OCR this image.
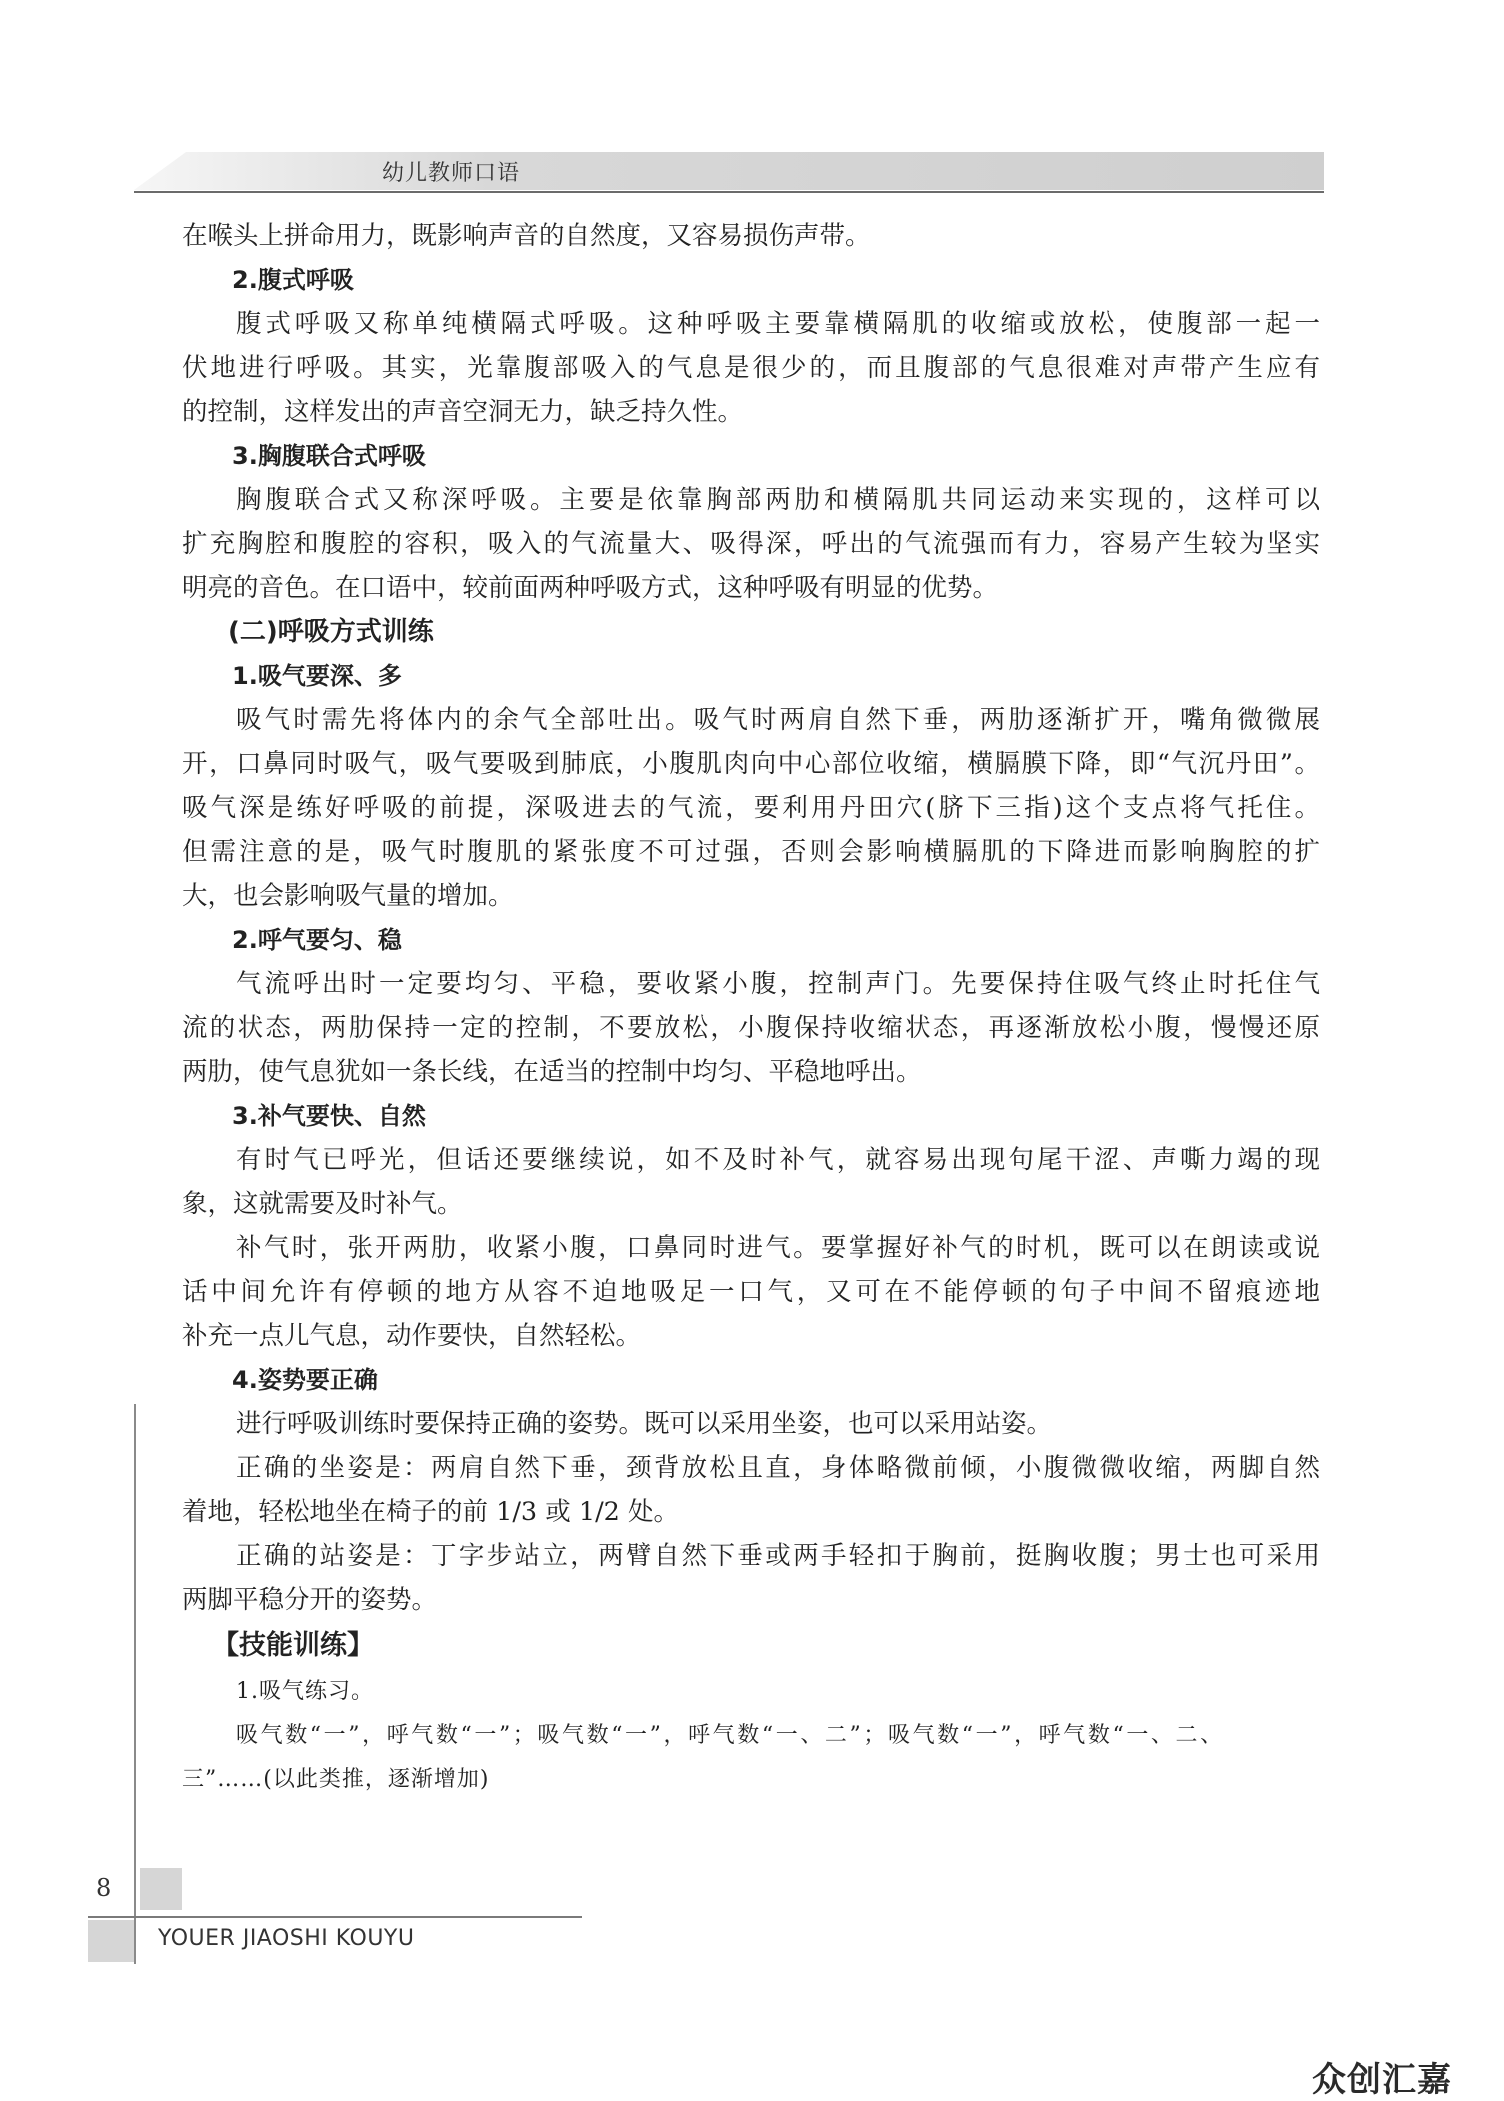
幼儿教师口语
在喉头上拼命用力，既影响声音的自然度，又容易损伤声带。
2.腹式呼吸
腹式呼吸又称单纯横隔式呼吸。这种呼吸主要靠横隔肌的收缩或放松，使腹部一起一
伏地进行呼吸。其实，光靠腹部吸入的气息是很少的，而且腹部的气息很难对声带产生应有
的控制，这样发出的声音空洞无力，缺乏持久性。
3.胸腹联合式呼吸
胸腹联合式又称深呼吸。主要是依靠胸部两肋和横隔肌共同运动来实现的，这样可以
扩充胸腔和腹腔的容积，吸入的气流量大、吸得深，呼出的气流强而有力，容易产生较为坚实
明亮的音色。在口语中，较前面两种呼吸方式，这种呼吸有明显的优势。
(二)呼吸方式训练
1.吸气要深、多
吸气时需先将体内的余气全部吐出。吸气时两肩自然下垂，两肋逐渐扩开，嘴角微微展
开，口鼻同时吸气，吸气要吸到肺底，小腹肌肉向中心部位收缩，横膈膜下降，即“气沉丹田”。
吸气深是练好呼吸的前提，深吸进去的气流，要利用丹田穴(脐下三指)这个支点将气托住。
但需注意的是，吸气时腹肌的紧张度不可过强，否则会影响横膈肌的下降进而影响胸腔的扩
大，也会影响吸气量的增加。
2.呼气要匀、稳
气流呼出时一定要均匀、平稳，要收紧小腹，控制声门。先要保持住吸气终止时托住气
流的状态，两肋保持一定的控制，不要放松，小腹保持收缩状态，再逐渐放松小腹，慢慢还原
两肋，使气息犹如一条长线，在适当的控制中均匀、平稳地呼出。
3.补气要快、自然
有时气已呼光，但话还要继续说，如不及时补气，就容易出现句尾干涩、声嘶力竭的现
象，这就需要及时补气。
补气时，张开两肋，收紧小腹，口鼻同时进气。要掌握好补气的时机，既可以在朗读或说
话中间允许有停顿的地方从容不迫地吸足一口气，又可在不能停顿的句子中间不留痕迹地
补充一点儿气息，动作要快，自然轻松。
4.姿势要正确
进行呼吸训练时要保持正确的姿势。既可以采用坐姿，也可以采用站姿。
正确的坐姿是：两肩自然下垂，颈背放松且直，身体略微前倾，小腹微微收缩，两脚自然
着地，轻松地坐在椅子的前 1/3 或 1/2 处。
正确的站姿是：丁字步站立，两臂自然下垂或两手轻扣于胸前，挺胸收腹；男士也可采用
两脚平稳分开的姿势。
【技能训练】
1.吸气练习。
吸气数“一”，呼气数“一”；吸气数“一”，呼气数“一、二”；吸气数“一”，呼气数“一、二、
三”……(以此类推，逐渐增加)
8
YOUER JIAOSHI KOUYU
众创汇嘉
